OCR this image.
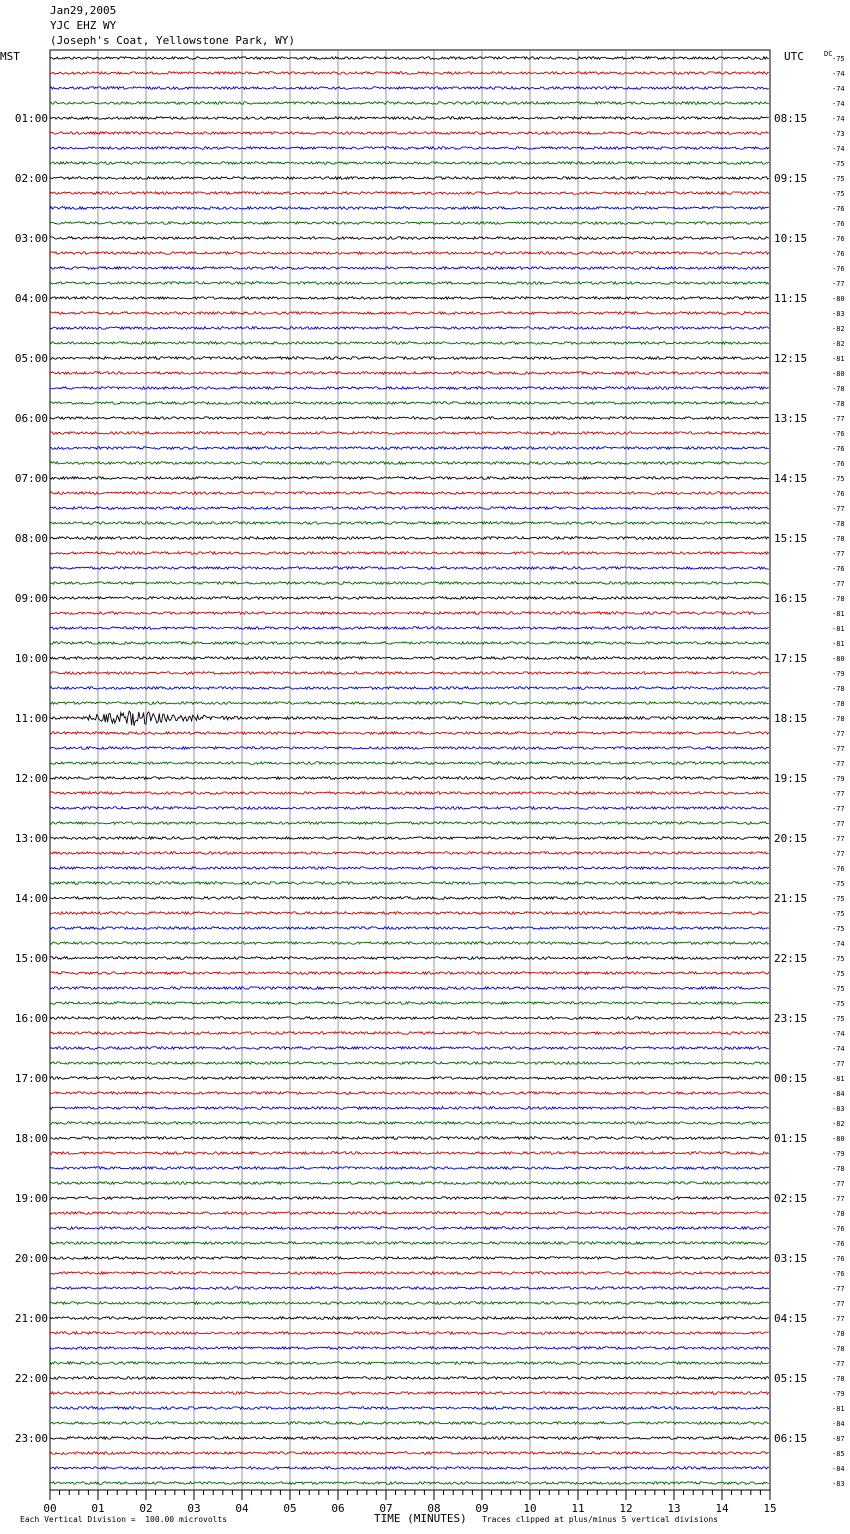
00	01	02	03	04	05	06	07	08	09	10	11	12	13	14	15
-75
-74
-74
-74
-74
-73
-74
-75
-75
-75
-76
-76
-76
-76
-76
-77
-80
-83
-82
-82
-81
-80
-78
-78
-77
-76
-76
-76
-75
-76
-77
-78
-78
-77
-76
-77
-78
-81
-81
-81
-80
-79
-78
-78
-78
-77
-77
-77
-79
-77
-77
-77
-77
-77
-76
-75
-75
-75
-75
-74
-75
-75
-75
-75
-75
-74
-74
-77
-81
-84
-83
-82
-80
-79
-78
-77
-77
-78
-76
-76
-76
-76
-77
-77
-77
-78
-78
-77
-78
-79
-81
-84
-87
-85
-84
-83
DC
01:00
02:00
03:00
04:00
05:00
06:00
07:00
08:00
09:00
10:00
11:00
12:00
13:00
14:00
15:00
16:00
17:00
18:00
19:00
20:00
21:00
22:00
23:00
08:15
09:15
10:15
11:15
12:15
13:15
14:15
15:15
16:15
17:15
18:15
19:15
20:15
21:15
22:15
23:15
00:15
01:15
02:15
03:15
04:15
05:15
06:15
Jan29,2005
YJC EHZ WY
(Joseph's Coat, Yellowstone Park, WY)
MST	UTC
TIME (MINUTES)
Each Vertical Division =  100.00 microvolts	Traces clipped at plus/minus 5 vertical divisions
